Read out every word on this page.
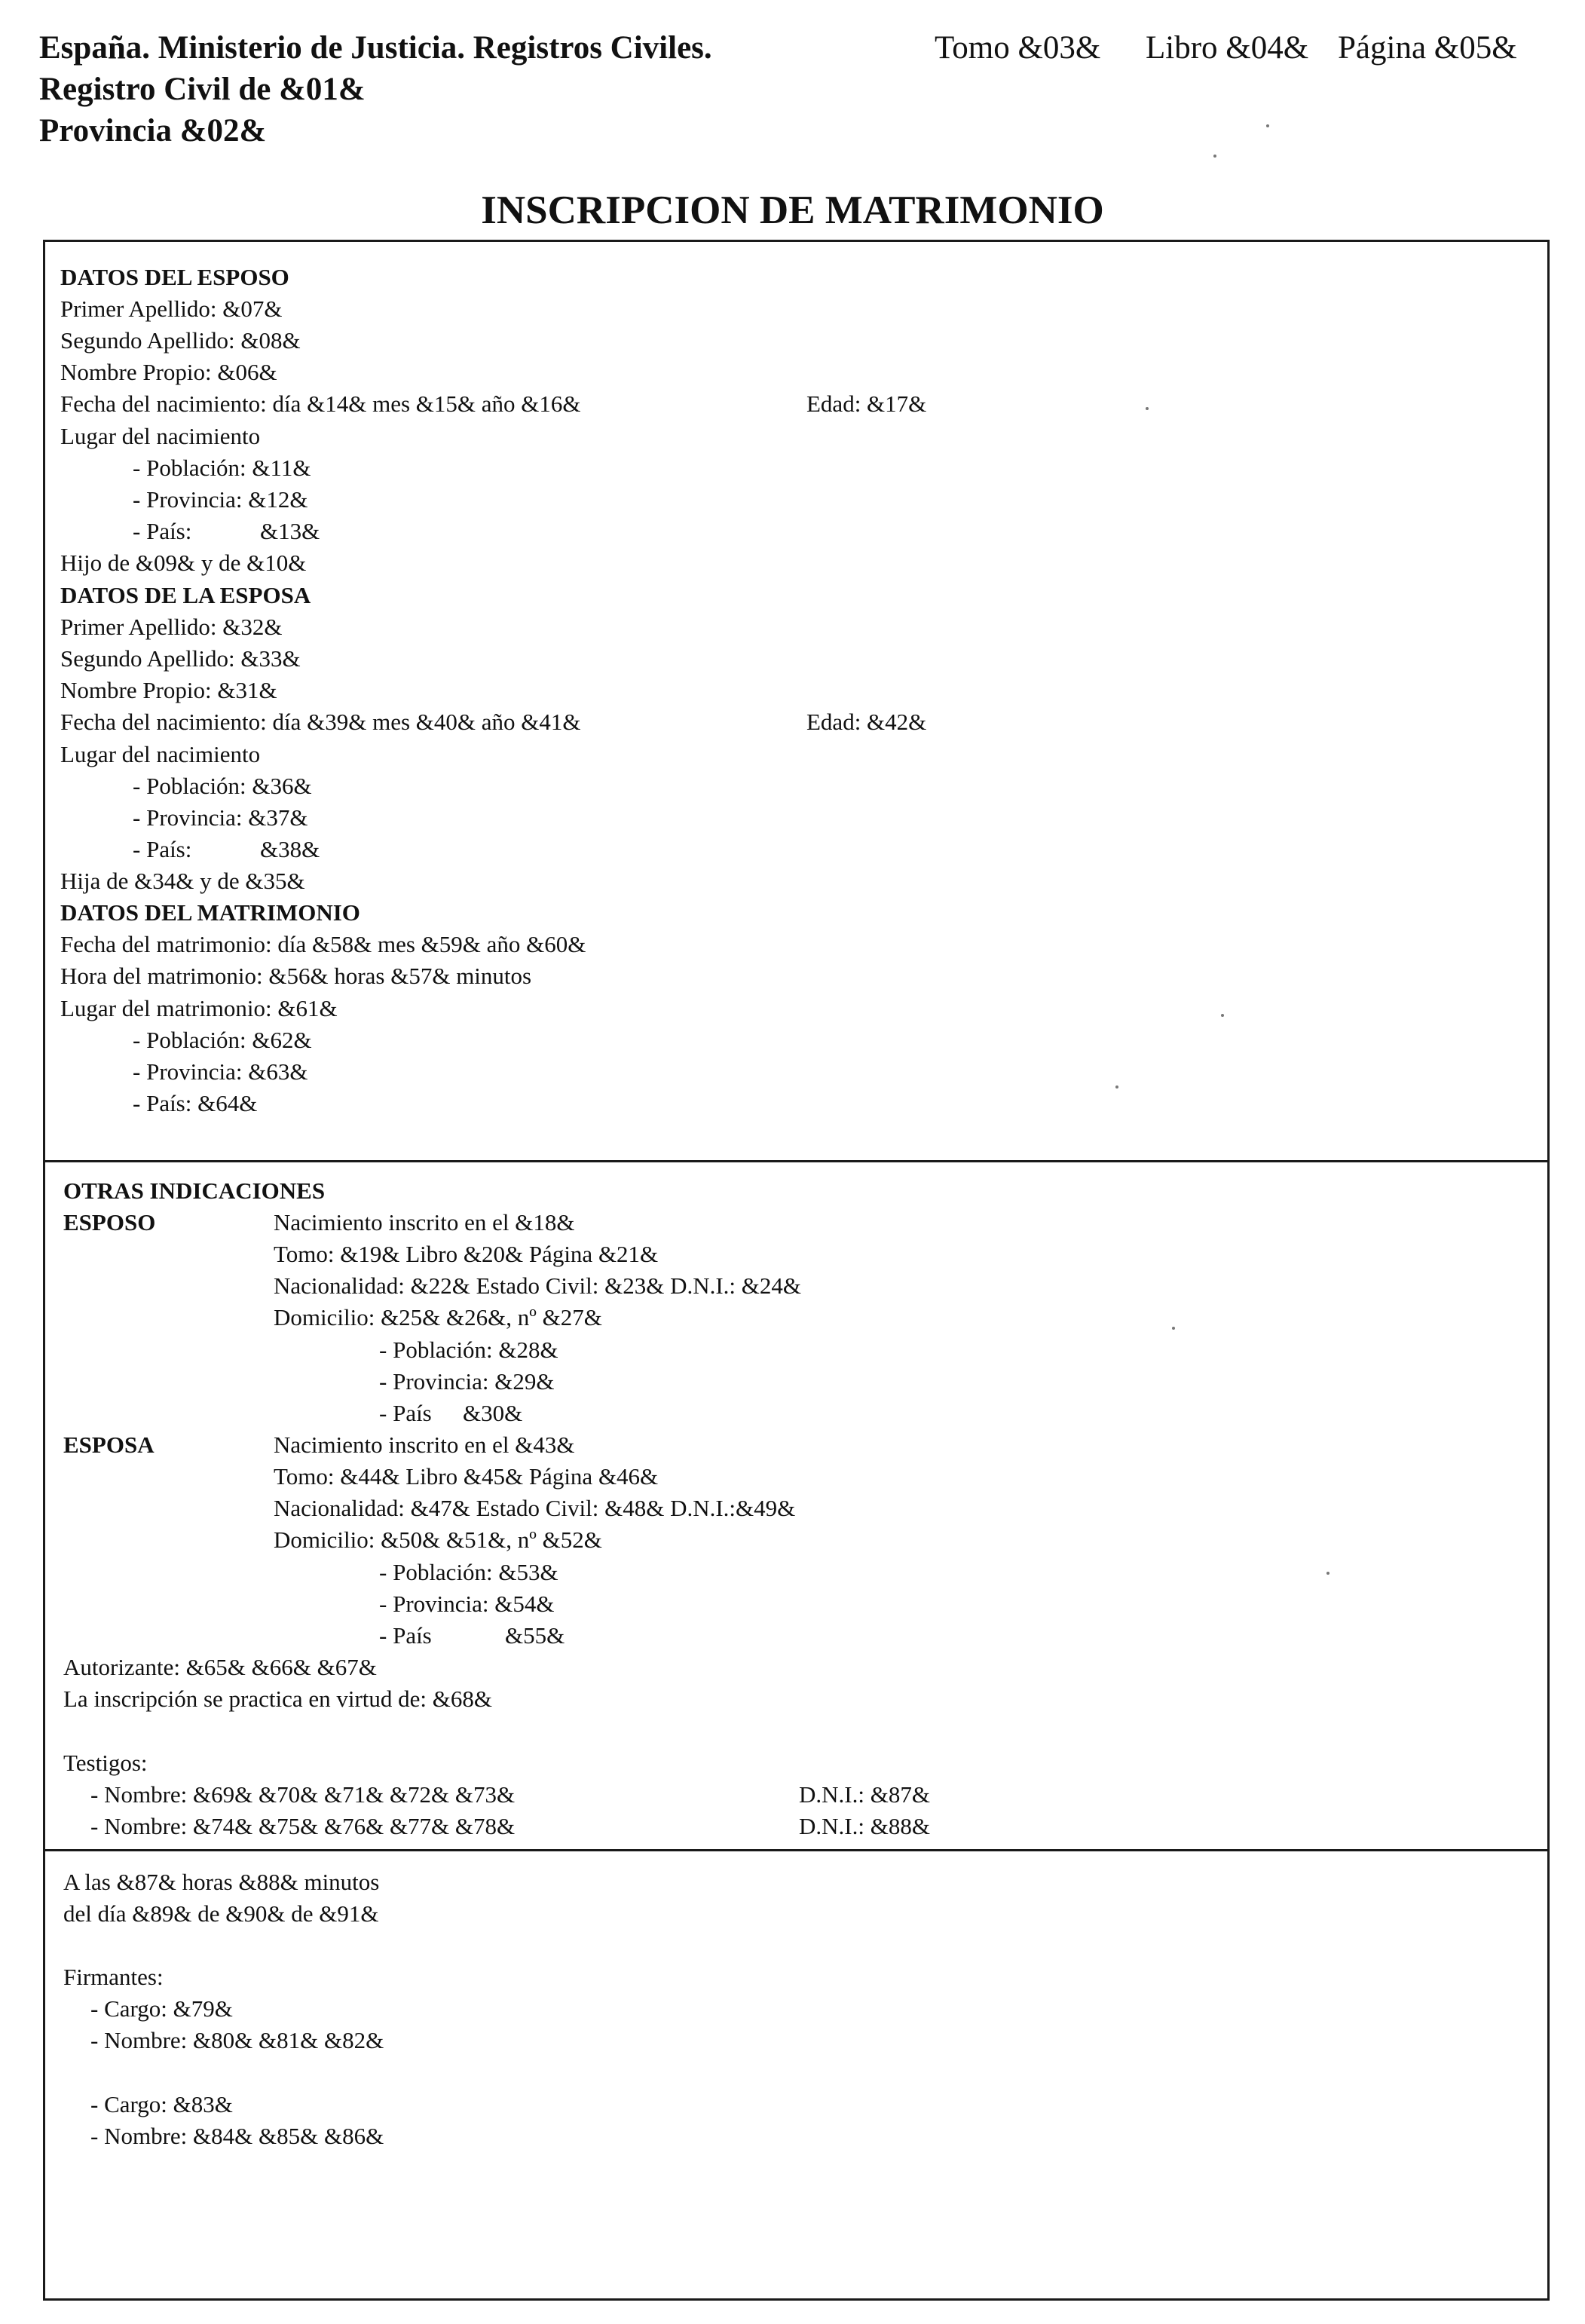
España. Ministerio de Justicia. Registros Civiles.
Registro Civil de &01&
Provincia &02&
Tomo &03& Libro &04& Página &05&
INSCRIPCION DE MATRIMONIO
DATOS DEL ESPOSO
Primer Apellido: &07&
Segundo Apellido: &08&
Nombre Propio: &06&
Fecha del nacimiento: día &14& mes &15& año &16&	Edad: &17&
Lugar del nacimiento
- Población: &11&
- Provincia: &12&
- País:	&13&
Hijo de &09& y de &10&
DATOS DE LA ESPOSA
Primer Apellido: &32&
Segundo Apellido: &33&
Nombre Propio: &31&
Fecha del nacimiento: día &39& mes &40& año &41&	Edad: &42&
Lugar del nacimiento
- Población: &36&
- Provincia: &37&
- País:	&38&
Hija de &34& y de &35&
DATOS DEL MATRIMONIO
Fecha del matrimonio: día &58& mes &59& año &60&
Hora del matrimonio: &56& horas &57& minutos
Lugar del matrimonio: &61&
- Población: &62&
- Provincia: &63&
- País: &64&
OTRAS INDICACIONES
ESPOSO	Nacimiento inscrito en el &18&
Tomo: &19& Libro &20& Página &21&
Nacionalidad: &22& Estado Civil: &23& D.N.I.: &24&
Domicilio: &25& &26&, nº &27&
- Población: &28&
- Provincia: &29&
- País &30&
ESPOSA	Nacimiento inscrito en el &43&
Tomo: &44& Libro &45& Página &46&
Nacionalidad: &47& Estado Civil: &48& D.N.I.:&49&
Domicilio: &50& &51&, nº &52&
- Población: &53&
- Provincia: &54&
- País	&55&
Autorizante: &65& &66& &67&
La inscripción se practica en virtud de: &68&
Testigos:
- Nombre: &69& &70& &71& &72& &73&	D.N.I.: &87&
- Nombre: &74& &75& &76& &77& &78&	D.N.I.: &88&
A las &87& horas &88& minutos
del día &89& de &90& de &91&
Firmantes:
- Cargo: &79&
- Nombre: &80& &81& &82&
- Cargo: &83&
- Nombre: &84& &85& &86&
